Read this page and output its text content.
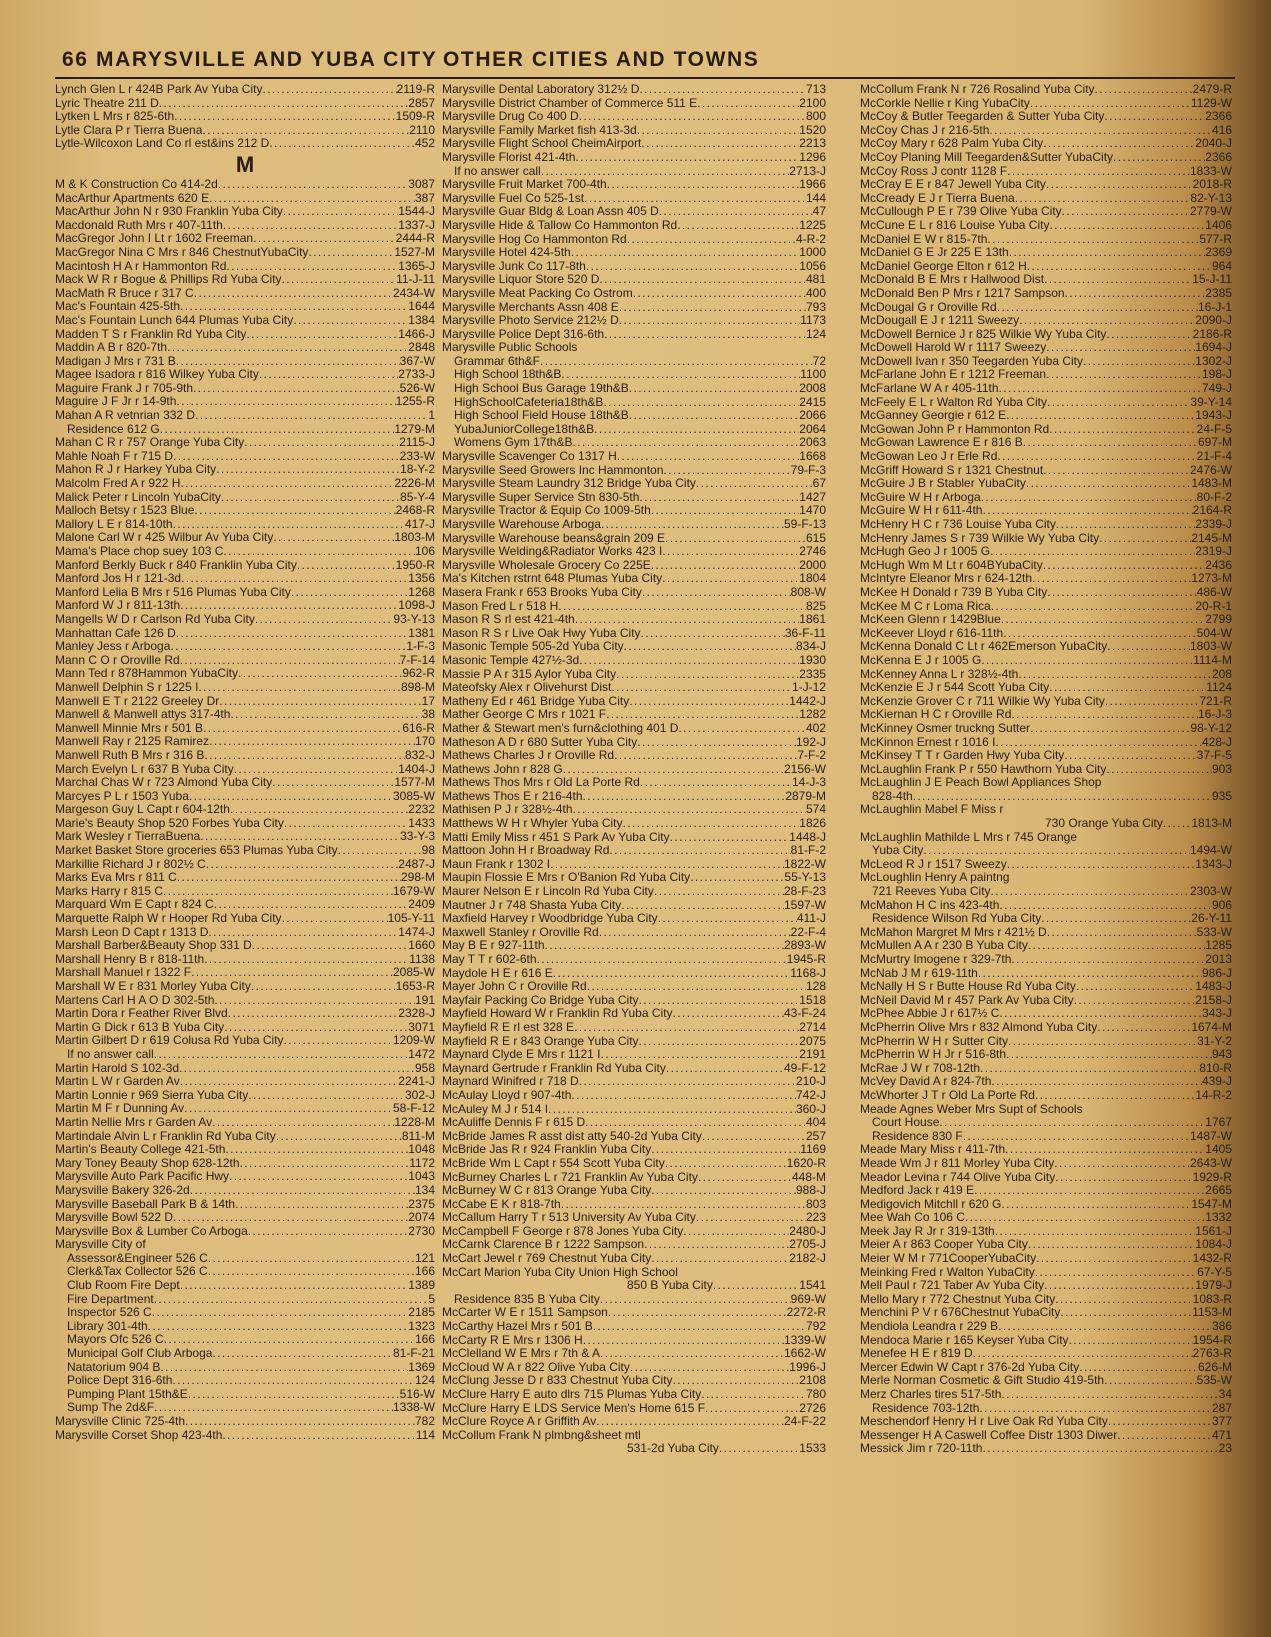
66 MARYSVILLE AND YUBA CITY OTHER CITIES AND TOWNS
Lynch Glen L r 424B Park Av Yuba City .....	2119-R
Lyric Theatre 211 D .....	2857
Lytken L Mrs r 825-6th .....	1509-R
Lytle Clara P r Tierra Buena .....	2110
Lytle-Wilcoxon Land Co rl est&ins 212 D .....	452
M
M & K Construction Co 414-2d .....	3087
MacArthur Apartments 620 E .....	387
MacArthur John N r 930 Franklin Yuba City .....	1544-J
Macdonald Ruth Mrs r 407-11th .....	1337-J
MacGregor John I Lt r 1602 Freeman .....	2444-R
MacGregor Nina C Mrs r 846 ChestnutYubaCity .....	1527-M
Macintosh H A r Hammonton Rd .....	1365-J
Mack W R r Bogue & Phillips Rd Yuba City .....	11-J-11
MacMath R Bruce r 317 C .....	2434-W
Mac's Fountain 425-5th .....	1644
Mac's Fountain Lunch 644 Plumas Yuba City .....	1384
Madden T S r Franklin Rd Yuba City .....	1466-J
Maddin A B r 820-7th .....	2848
Madigan J Mrs r 731 B .....	367-W
Magee Isadora r 816 Wilkey Yuba City .....	2733-J
Maguire Frank J r 705-9th .....	526-W
Maguire J F Jr r 14-9th .....	1255-R
Mahan A R vetnrian 332 D .....	1
Residence 612 G .....	1279-M
Mahan C R r 757 Orange Yuba City .....	2115-J
Mahle Noah F r 715 D .....	233-W
Mahon R J r Harkey Yuba City .....	18-Y-2
Malcolm Fred A r 922 H .....	2226-M
Malick Peter r Lincoln YubaCity .....	85-Y-4
Malloch Betsy r 1523 Blue .....	2468-R
Mallory L E r 814-10th .....	417-J
Malone Carl W r 425 Wilbur Av Yuba City .....	1803-M
Mama's Place chop suey 103 C .....	106
Manford Berkly Buck r 840 Franklin Yuba City .....	1950-R
Manford Jos H r 121-3d .....	1356
Manford Lelia B Mrs r 516 Plumas Yuba City .....	1268
Manford W J r 811-13th .....	1098-J
Mangells W D r Carlson Rd Yuba City .....	93-Y-13
Manhattan Cafe 126 D .....	1381
Manley Jess r Arboga .....	1-F-3
Mann C O r Oroville Rd .....	7-F-14
Mann Ted r 878Hammon YubaCity .....	962-R
Manwell Delphin S r 1225 I .....	898-M
Manwell E T r 2122 Greeley Dr .....	17
Manwell & Manwell attys 317-4th .....	38
Manwell Minnie Mrs r 501 B .....	616-R
Manwell Ray r 2125 Ramirez .....	170
Manwell Ruth B Mrs r 316 B .....	832-J
March Evelyn L r 637 B Yuba City .....	1404-J
Marchal Chas W r 723 Almond Yuba City .....	1577-M
Marcyes P L r 1503 Yuba .....	3085-W
Margeson Guy L Capt r 604-12th .....	2232
Marie's Beauty Shop 520 Forbes Yuba City .....	1433
Mark Wesley r TierraBuena .....	33-Y-3
Market Basket Store groceries 653 Plumas Yuba City .....	98
Markillie Richard J r 802½ C .....	2487-J
Marks Eva Mrs r 811 C .....	298-M
Marks Harry r 815 C .....	1679-W
Marquard Wm E Capt r 824 C .....	2409
Marquette Ralph W r Hooper Rd Yuba City .....	105-Y-11
Marsh Leon D Capt r 1313 D .....	1474-J
Marshall Barber&Beauty Shop 331 D .....	1660
Marshall Henry B r 818-11th .....	1138
Marshall Manuel r 1322 F .....	2085-W
Marshall W E r 831 Morley Yuba City .....	1653-R
Martens Carl H A O D 302-5th .....	191
Martin Dora r Feather River Blvd .....	2328-J
Martin G Dick r 613 B Yuba City .....	3071
Martin Gilbert D r 619 Colusa Rd Yuba City .....	1209-W
If no answer call .....	1472
Martin Harold S 102-3d .....	958
Martin L W r Garden Av .....	2241-J
Martin Lonnie r 969 Sierra Yuba City .....	302-J
Martin M F r Dunning Av .....	58-F-12
Martin Nellie Mrs r Garden Av .....	1228-M
Martindale Alvin L r Franklin Rd Yuba City .....	811-M
Martin's Beauty College 421-5th .....	1048
Mary Toney Beauty Shop 628-12th .....	1172
Marysville Auto Park Pacific Hwy .....	1043
Marysville Bakery 326-2d .....	134
Marysville Baseball Park B & 14th .....	2375
Marysville Bowl 522 D .....	2074
Marysville Box & Lumber Co Arboga .....	2730
Marysville City of
Assessor&Engineer 526 C .....	121
Clerk&Tax Collector 526 C .....	166
Club Room Fire Dept .....	1389
Fire Department .....	5
Inspector 526 C .....	2185
Library 301-4th .....	1323
Mayors Ofc 526 C .....	166
Municipal Golf Club Arboga .....	81-F-21
Natatorium 904 B .....	1369
Police Dept 316-6th .....	124
Pumping Plant 15th&E .....	516-W
Sump The 2d&F .....	1338-W
Marysville Clinic 725-4th .....	782
Marysville Corset Shop 423-4th .....	114
Marysville Dental Laboratory 312½ D .....	713
Marysville District Chamber of Commerce 511 E .....	2100
Marysville Drug Co 400 D .....	800
Marysville Family Market fish 413-3d .....	1520
Marysville Flight School CheimAirport .....	2213
Marysville Florist 421-4th .....	1296
If no answer call .....	2713-J
Marysville Fruit Market 700-4th .....	1966
Marysville Fuel Co 525-1st .....	144
Marysville Guar Bldg & Loan Assn 405 D .....	47
Marysville Hide & Tallow Co Hammonton Rd .....	1225
Marysville Hog Co Hammonton Rd .....	4-R-2
Marysville Hotel 424-5th .....	1000
Marysville Junk Co 117-8th .....	1056
Marysville Liquor Store 520 D .....	481
Marysville Meat Packing Co Ostrom .....	400
Marysville Merchants Assn 408 E .....	793
Marysville Photo Service 212½ D .....	1173
Marysville Police Dept 316-6th .....	124
Marysville Public Schools
Grammar 6th&F .....	72
High School 18th&B .....	1100
High School Bus Garage 19th&B .....	2008
HighSchoolCafeteria18th&B .....	2415
High School Field House 18th&B .....	2066
YubaJuniorCollege18th&B .....	2064
Womens Gym 17th&B .....	2063
Marysville Scavenger Co 1317 H .....	1668
Marysville Seed Growers Inc Hammonton .....	79-F-3
Marysville Steam Laundry 312 Bridge Yuba City .....	67
Marysville Super Service Stn 830-5th .....	1427
Marysville Tractor & Equip Co 1009-5th .....	1470
Marysville Warehouse Arboga .....	59-F-13
Marysville Warehouse beans&grain 209 E .....	615
Marysville Welding&Radiator Works 423 I .....	2746
Marysville Wholesale Grocery Co 225E .....	2000
Ma's Kitchen rstrnt 648 Plumas Yuba City .....	1804
Masera Frank r 653 Brooks Yuba City .....	808-W
Mason Fred L r 518 H .....	825
Mason R S rl est 421-4th .....	1861
Mason R S r Live Oak Hwy Yuba City .....	36-F-11
Masonic Temple 505-2d Yuba City .....	834-J
Masonic Temple 427½-3d .....	1930
Massie P A r 315 Aylor Yuba City .....	2335
Mateofsky Alex r Olivehurst Dist .....	1-J-12
Matheny Ed r 461 Bridge Yuba City .....	1442-J
Mather George C Mrs r 1021 F .....	1282
Mather & Stewart men's furn&clothing 401 D .....	402
Matheson A D r 680 Sutter Yuba City .....	192-J
Mathews Charles J r Oroville Rd .....	7-F-2
Mathews John r 828 G .....	2156-W
Mathews Thos Mrs r Old La Porte Rd .....	14-J-3
Mathews Thos E r 216-4th .....	2879-M
Mathisen P J r 328½-4th .....	574
Matthews W H r Whyler Yuba City .....	1826
Matti Emily Miss r 451 S Park Av Yuba City .....	1448-J
Mattoon John H r Broadway Rd .....	81-F-2
Maun Frank r 1302 I .....	1822-W
Maupin Flossie E Mrs r O'Banion Rd Yuba City .....	55-Y-13
Maurer Nelson E r Lincoln Rd Yuba City .....	28-F-23
Mautner J r 748 Shasta Yuba City .....	1597-W
Maxfield Harvey r Woodbridge Yuba City .....	411-J
Maxwell Stanley r Oroville Rd .....	22-F-4
May B E r 927-11th .....	2893-W
May T T r 602-6th .....	1945-R
Maydole H E r 616 E .....	1168-J
Mayer John C r Oroville Rd .....	128
Mayfair Packing Co Bridge Yuba City .....	1518
Mayfield Howard W r Franklin Rd Yuba City .....	43-F-24
Mayfield R E rl est 328 E .....	2714
Mayfield R E r 843 Orange Yuba City .....	2075
Maynard Clyde E Mrs r 1121 I .....	2191
Maynard Gertrude r Franklin Rd Yuba City .....	49-F-12
Maynard Winifred r 718 D .....	210-J
McAulay Lloyd r 907-4th .....	742-J
McAuley M J r 514 I .....	360-J
McAuliffe Dennis F r 615 D .....	404
McBride James R asst dist atty 540-2d Yuba City .....	257
McBride Jas R r 924 Franklin Yuba City .....	1169
McBride Wm L Capt r 554 Scott Yuba City .....	1620-R
McBurney Charles L r 721 Franklin Av Yuba City .....	448-M
McBurney W C r 813 Orange Yuba City .....	988-J
McCabe E K r 818-7th .....	803
McCallum Harry T r 513 University Av Yuba City .....	223
McCampbell F George r 878 Jones Yuba City .....	2480-J
McCarnk Clarence B r 1222 Sampson .....	2705-J
McCart Jewel r 769 Chestnut Yuba City .....	2182-J
McCart Marion Yuba City Union High School
850 B Yuba City .....	1541
Residence 835 B Yuba City .....	969-W
McCarter W E r 1511 Sampson .....	2272-R
McCarthy Hazel Mrs r 501 B .....	792
McCarty R E Mrs r 1306 H .....	1339-W
McClelland W E Mrs r 7th & A .....	1662-W
McCloud W A r 822 Olive Yuba City .....	1996-J
McClung Jesse D r 833 Chestnut Yuba City .....	2108
McClure Harry E auto dlrs 715 Plumas Yuba City .....	780
McClure Harry E LDS Service Men's Home 615 F .....	2726
McClure Royce A r Griffith Av .....	24-F-22
McCollum Frank N plmbng&sheet mtl
531-2d Yuba City .....	1533
McCollum Frank N r 726 Rosalind Yuba City .....	2479-R
McCorkle Nellie r King YubaCity .....	1129-W
McCoy & Butler Teegarden & Sutter Yuba City .....	2366
McCoy Chas J r 216-5th .....	416
McCoy Mary r 628 Palm Yuba City .....	2040-J
McCoy Planing Mill Teegarden&Sutter YubaCity .....	2366
McCoy Ross J contr 1128 F .....	1833-W
McCray E E r 847 Jewell Yuba City .....	2018-R
McCready E J r Tierra Buena .....	82-Y-13
McCullough P E r 739 Olive Yuba City .....	2779-W
McCune E L r 816 Louise Yuba City .....	1406
McDaniel E W r 815-7th .....	577-R
McDaniel G E Jr 225 E 13th .....	2369
McDaniel George Elton r 612 H .....	964
McDonald B E Mrs r Hallwood Dist .....	15-J-11
McDonald Ben P Mrs r 1217 Sampson .....	2385
McDougal G r Oroville Rd .....	16-J-1
McDougall E J r 1211 Sweezy .....	2090-J
McDowell Bernice J r 825 Wilkie Wy Yuba City .....	2186-R
McDowell Harold W r 1117 Sweezy .....	1694-J
McDowell Ivan r 350 Teegarden Yuba City .....	1302-J
McFarlane John E r 1212 Freeman .....	198-J
McFarlane W A r 405-11th .....	749-J
McFeely E L r Walton Rd Yuba City .....	39-Y-14
McGanney Georgie r 612 E .....	1943-J
McGowan John P r Hammonton Rd .....	24-F-5
McGowan Lawrence E r 816 B .....	697-M
McGowan Leo J r Erle Rd .....	21-F-4
McGriff Howard S r 1321 Chestnut .....	2476-W
McGuire J B r Stabler YubaCity .....	1483-M
McGuire W H r Arboga .....	80-F-2
McGuire W H r 611-4th .....	2164-R
McHenry H C r 736 Louise Yuba City .....	2339-J
McHenry James S r 739 Wilkie Wy Yuba City .....	2145-M
McHugh Geo J r 1005 G .....	2319-J
McHugh Wm M Lt r 604BYubaCity .....	2436
McIntyre Eleanor Mrs r 624-12th .....	1273-M
McKee H Donald r 739 B Yuba City .....	486-W
McKee M C r Loma Rica .....	20-R-1
McKeen Glenn r 1429Blue .....	2799
McKeever Lloyd r 616-11th .....	504-W
McKenna Donald C Lt r 462Emerson YubaCity .....	1803-W
McKenna E J r 1005 G .....	1114-M
McKenney Anna L r 328½-4th .....	208
McKenzie E J r 544 Scott Yuba City .....	1124
McKenzie Grover C r 711 Wilkie Wy Yuba City .....	721-R
McKiernan H C r Oroville Rd .....	16-J-3
McKinney Osmer truckng Sutter .....	98-Y-12
McKinnon Ernest r 1016 I .....	428-J
McKinsey T T r Garden Hwy Yuba City .....	37-F-5
McLaughlin Frank P r 550 Hawthorn Yuba City .....	903
McLaughlin J E Peach Bowl Appliances Shop
828-4th .....	935
McLaughlin Mabel F Miss r
730 Orange Yuba City ..... 1813-M
McLaughlin Mathilde L Mrs r 745 Orange
Yuba City .....	1494-W
McLeod R J r 1517 Sweezy .....	1343-J
McLoughlin Henry A paintng
721 Reeves Yuba City .....	2303-W
McMahon H C ins 423-4th .....	906
Residence Wilson Rd Yuba City .....	26-Y-11
McMahon Margret M Mrs r 421½ D .....	533-W
McMullen A A r 230 B Yuba City .....	1285
McMurtry Imogene r 329-7th .....	2013
McNab J M r 619-11th .....	986-J
McNally H S r Butte House Rd Yuba City .....	1483-J
McNeil David M r 457 Park Av Yuba City .....	2158-J
McPhee Abbie J r 617½ C .....	343-J
McPherrin Olive Mrs r 832 Almond Yuba City .....	1674-M
McPherrin W H r Sutter City .....	31-Y-2
McPherrin W H Jr r 516-8th .....	943
McRae J W r 708-12th .....	810-R
McVey David A r 824-7th .....	439-J
McWhorter J T r Old La Porte Rd .....	14-R-2
Meade Agnes Weber Mrs Supt of Schools
Court House .....	1767
Residence 830 F .....	1487-W
Meade Mary Miss r 411-7th .....	1405
Meade Wm J r 811 Morley Yuba City .....	2643-W
Meador Levina r 744 Olive Yuba City .....	1929-R
Medford Jack r 419 E .....	2665
Medigovich Mitchll r 620 G .....	1547-M
Mee Wah Co 106 C .....	1332
Meek Jay R Jr r 319-13th .....	1561-J
Meier A r 863 Cooper Yuba City .....	1084-J
Meier W M r 771CooperYubaCity .....	1432-R
Meinking Fred r Walton YubaCity .....	67-Y-5
Mell Paul r 721 Taber Av Yuba City .....	1979-J
Mello Mary r 772 Chestnut Yuba City .....	1083-R
Menchini P V r 676Chestnut YubaCity .....	1153-M
Mendiola Leandra r 229 B .....	386
Mendoca Marie r 165 Keyser Yuba City .....	1954-R
Menefee H E r 819 D .....	2763-R
Mercer Edwin W Capt r 376-2d Yuba City .....	626-M
Merle Norman Cosmetic & Gift Studio 419-5th .....	535-W
Merz Charles tires 517-5th .....	34
Residence 703-12th .....	287
Meschendorf Henry H r Live Oak Rd Yuba City .....	377
Messenger H A Caswell Coffee Distr 1303 Diwer .....	471
Messick Jim r 720-11th .....	23
